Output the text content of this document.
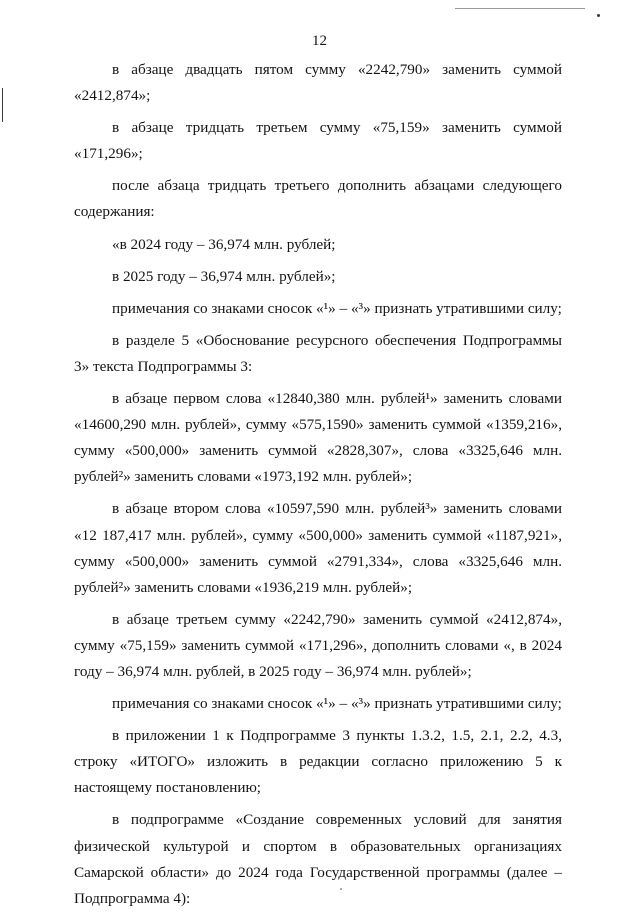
12

в абзаце двадцать пятом сумму «2242,790» заменить суммой «2412,874»;

в абзаце тридцать третьем сумму «75,159» заменить суммой «171,296»;

после абзаца тридцать третьего дополнить абзацами следующего содержания:

«в 2024 году – 36,974 млн. рублей;

в 2025 году – 36,974 млн. рублей»;

примечания со знаками сносок «¹» – «³» признать утратившими силу;

в разделе 5 «Обоснование ресурсного обеспечения Подпрограммы 3» текста Подпрограммы 3:

в абзаце первом слова «12840,380 млн. рублей¹» заменить словами «14600,290 млн. рублей», сумму «575,1590» заменить суммой «1359,216», сумму «500,000» заменить суммой «2828,307», слова «3325,646 млн. рублей²» заменить словами «1973,192 млн. рублей»;

в абзаце втором слова «10597,590 млн. рублей³» заменить словами «12 187,417 млн. рублей», сумму «500,000» заменить суммой «1187,921», сумму «500,000» заменить суммой «2791,334», слова «3325,646 млн. рублей²» заменить словами «1936,219 млн. рублей»;

в абзаце третьем сумму «2242,790» заменить суммой «2412,874», сумму «75,159» заменить суммой «171,296», дополнить словами «, в 2024 году – 36,974 млн. рублей, в 2025 году – 36,974 млн. рублей»;

примечания со знаками сносок «¹» – «³» признать утратившими силу;

в приложении 1 к Подпрограмме 3 пункты 1.3.2, 1.5, 2.1, 2.2, 4.3, строку «ИТОГО» изложить в редакции согласно приложению 5 к настоящему постановлению;

в подпрограмме «Создание современных условий для занятия физической культурой и спортом в образовательных организациях Самарской области» до 2024 года Государственной программы (далее – Подпрограмма 4):
